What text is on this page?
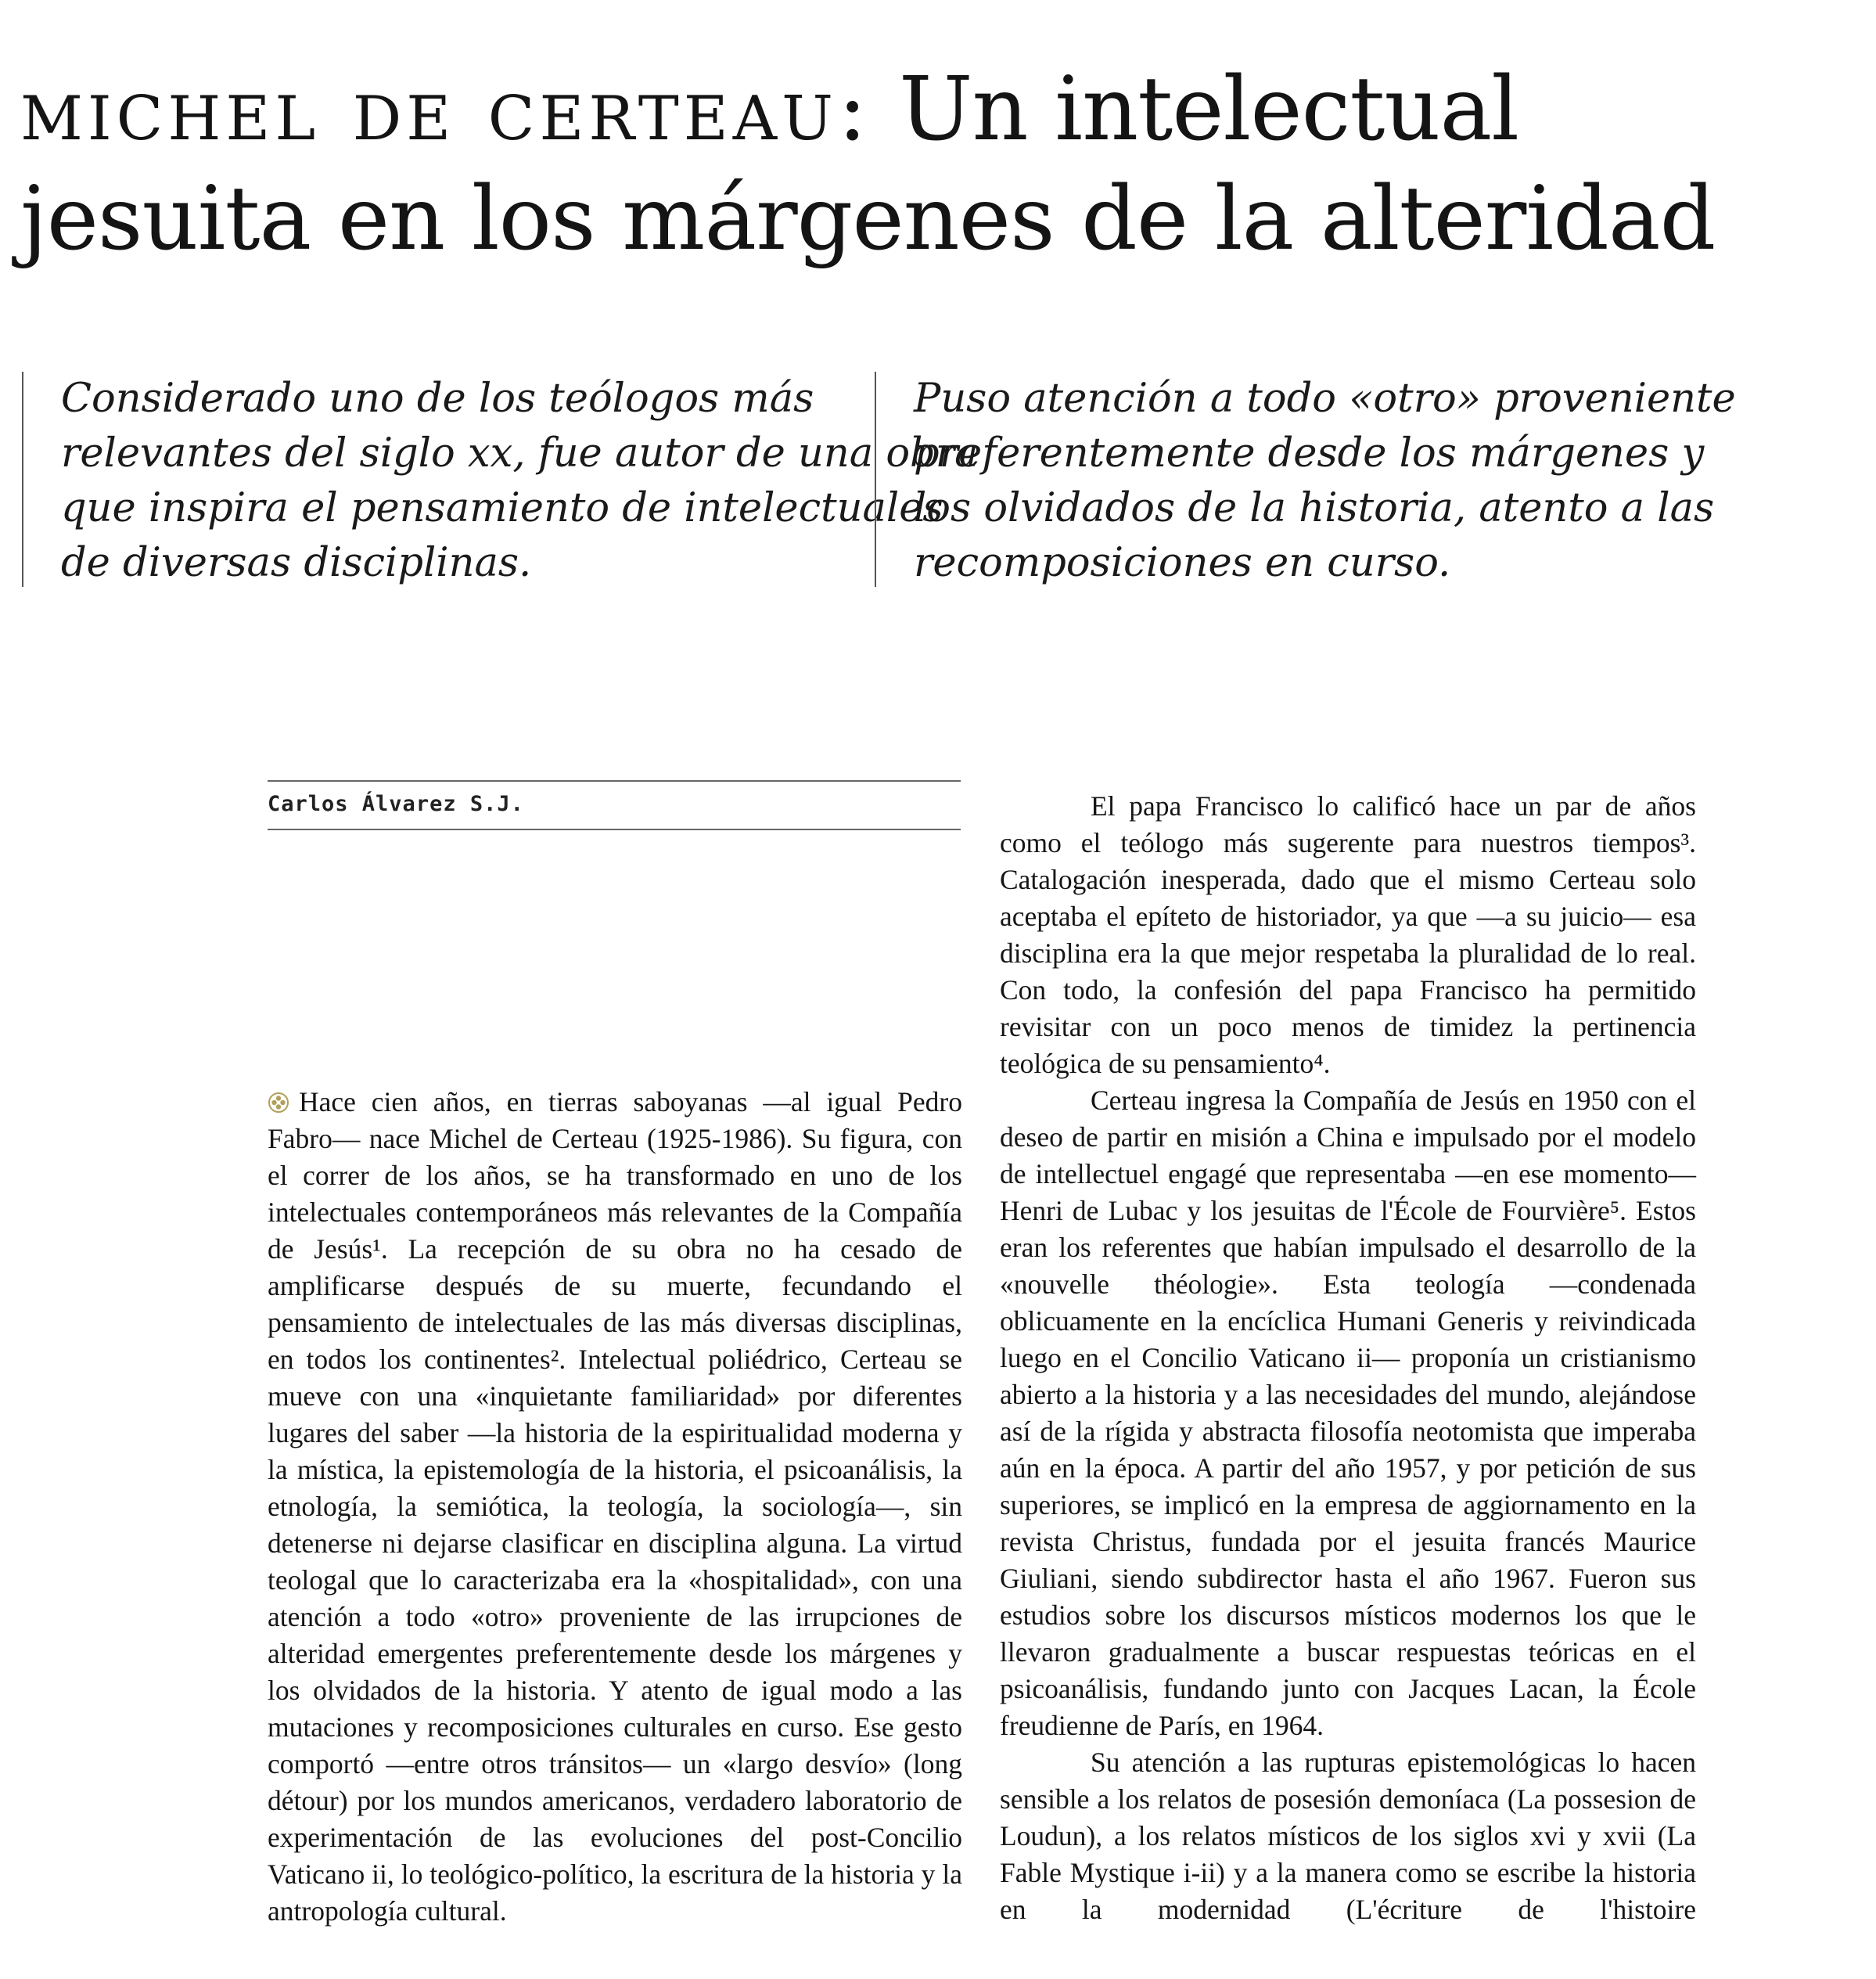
michel de certeau: Un intelectual
jesuita en los márgenes de la alteridad

Considerado uno de los teólogos más

relevantes del siglo xx, fue autor de una obra

que inspira el pensamiento de intelectuales

de diversas disciplinas.

Puso atención a todo «otro» proveniente

preferentemente desde los márgenes y

los olvidados de la historia, atento a las

recomposiciones en curso.

Carlos Álvarez S.J.

Hace cien años, en tierras saboyanas —al igual Pedro Fabro— nace Michel de Certeau (1925-1986). Su figura, con el correr de los años, se ha transformado en uno de los intelectuales contemporáneos más relevantes de la Compañía de Jesús¹. La recepción de su obra no ha cesado de amplificarse después de su muerte, fecundando el pensamiento de intelectuales de las más diversas disciplinas, en todos los continentes². Intelectual poliédrico, Certeau se mueve con una «inquietante familiaridad» por diferentes lugares del saber —la historia de la espiritualidad moderna y la mística, la epistemología de la historia, el psicoanálisis, la etnología, la semiótica, la teología, la sociología—, sin detenerse ni dejarse clasificar en disciplina alguna. La virtud teologal que lo caracterizaba era la «hospitalidad», con una atención a todo «otro» proveniente de las irrupciones de alteridad emergentes preferentemente desde los márgenes y los olvidados de la historia. Y atento de igual modo a las mutaciones y recomposiciones culturales en curso. Ese gesto comportó —entre otros tránsitos— un «largo desvío» (long détour) por los mundos americanos, verdadero laboratorio de experimentación de las evoluciones del post-Concilio Vaticano ii, lo teológico-político, la escritura de la historia y la antropología cultural.

El papa Francisco lo calificó hace un par de años como el teólogo más sugerente para nuestros tiempos³. Catalogación inesperada, dado que el mismo Certeau solo aceptaba el epíteto de historiador, ya que —a su juicio— esa disciplina era la que mejor respetaba la pluralidad de lo real. Con todo, la confesión del papa Francisco ha permitido revisitar con un poco menos de timidez la pertinencia teológica de su pensamiento⁴.

Certeau ingresa la Compañía de Jesús en 1950 con el deseo de partir en misión a China e impulsado por el modelo de intellectuel engagé que representaba —en ese momento— Henri de Lubac y los jesuitas de l'École de Fourvière⁵. Estos eran los referentes que habían impulsado el desarrollo de la «nouvelle théologie». Esta teología —condenada oblicuamente en la encíclica Humani Generis y reivindicada luego en el Concilio Vaticano ii— proponía un cristianismo abierto a la historia y a las necesidades del mundo, alejándose así de la rígida y abstracta filosofía neotomista que imperaba aún en la época. A partir del año 1957, y por petición de sus superiores, se implicó en la empresa de aggiornamento en la revista Christus, fundada por el jesuita francés Maurice Giuliani, siendo subdirector hasta el año 1967. Fueron sus estudios sobre los discursos místicos modernos los que le llevaron gradualmente a buscar respuestas teóricas en el psicoanálisis, fundando junto con Jacques Lacan, la École freudienne de París, en 1964.

Su atención a las rupturas epistemológicas lo hacen sensible a los relatos de posesión demoníaca (La possesion de Loudun), a los relatos místicos de los siglos xvi y xvii (La Fable Mystique i-ii) y a la manera como se escribe la historia en la modernidad (L'écriture de l'histoire
